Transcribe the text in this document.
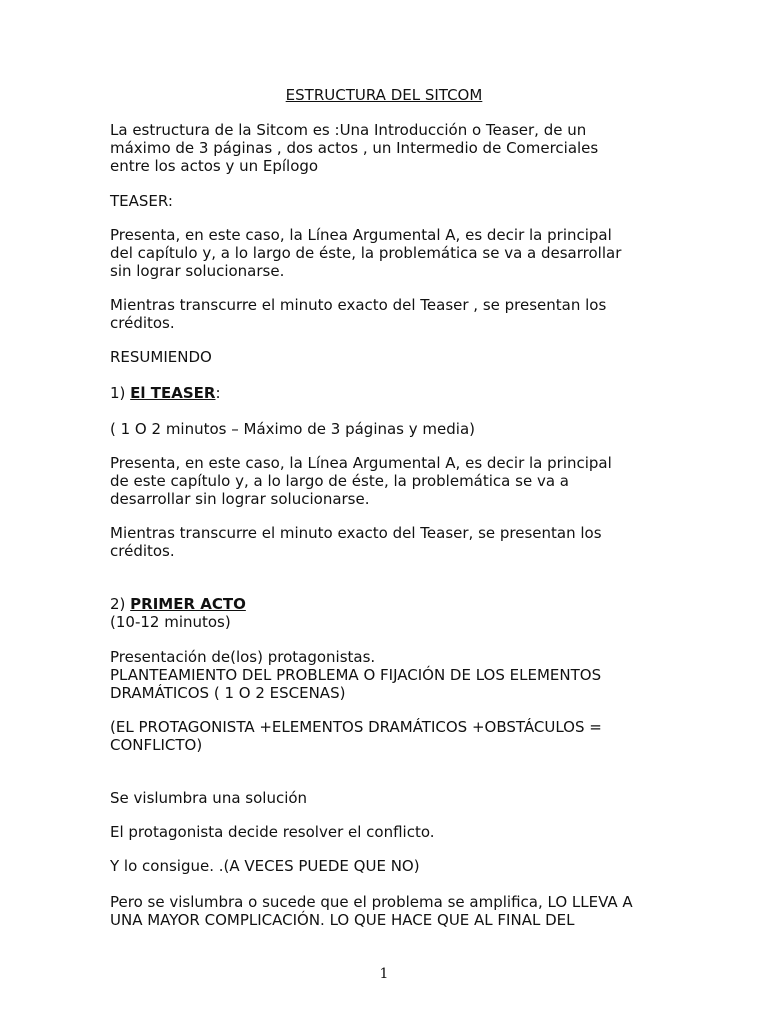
ESTRUCTURA DEL SITCOM
La estructura de la Sitcom es :Una Introducción o Teaser, de un
máximo de 3 páginas , dos actos , un Intermedio de Comerciales
entre los actos y un Epílogo
TEASER:
Presenta, en este caso, la Línea Argumental A, es decir la principal
del capítulo y, a lo largo de éste, la problemática se va a desarrollar
sin lograr solucionarse.
Mientras transcurre el minuto exacto del Teaser , se presentan los
créditos.
RESUMIENDO
1) El TEASER:
( 1 O 2 minutos – Máximo de 3 páginas y media)
Presenta, en este caso, la Línea Argumental A, es decir la principal
de este capítulo y, a lo largo de éste, la problemática se va a
desarrollar sin lograr solucionarse.
Mientras transcurre el minuto exacto del Teaser, se presentan los
créditos.
2) PRIMER ACTO
(10-12 minutos)
Presentación de(los) protagonistas.
PLANTEAMIENTO DEL PROBLEMA O FIJACIÓN DE LOS ELEMENTOS
DRAMÁTICOS ( 1 O 2 ESCENAS)
(EL PROTAGONISTA +ELEMENTOS DRAMÁTICOS +OBSTÁCULOS =
CONFLICTO)
Se vislumbra una solución
El protagonista decide resolver el conflicto.
Y lo consigue. .(A VECES PUEDE QUE NO)
Pero se vislumbra o sucede que el problema se amplifica, LO LLEVA A
UNA MAYOR COMPLICACIÓN. LO QUE HACE QUE AL FINAL DEL
1
